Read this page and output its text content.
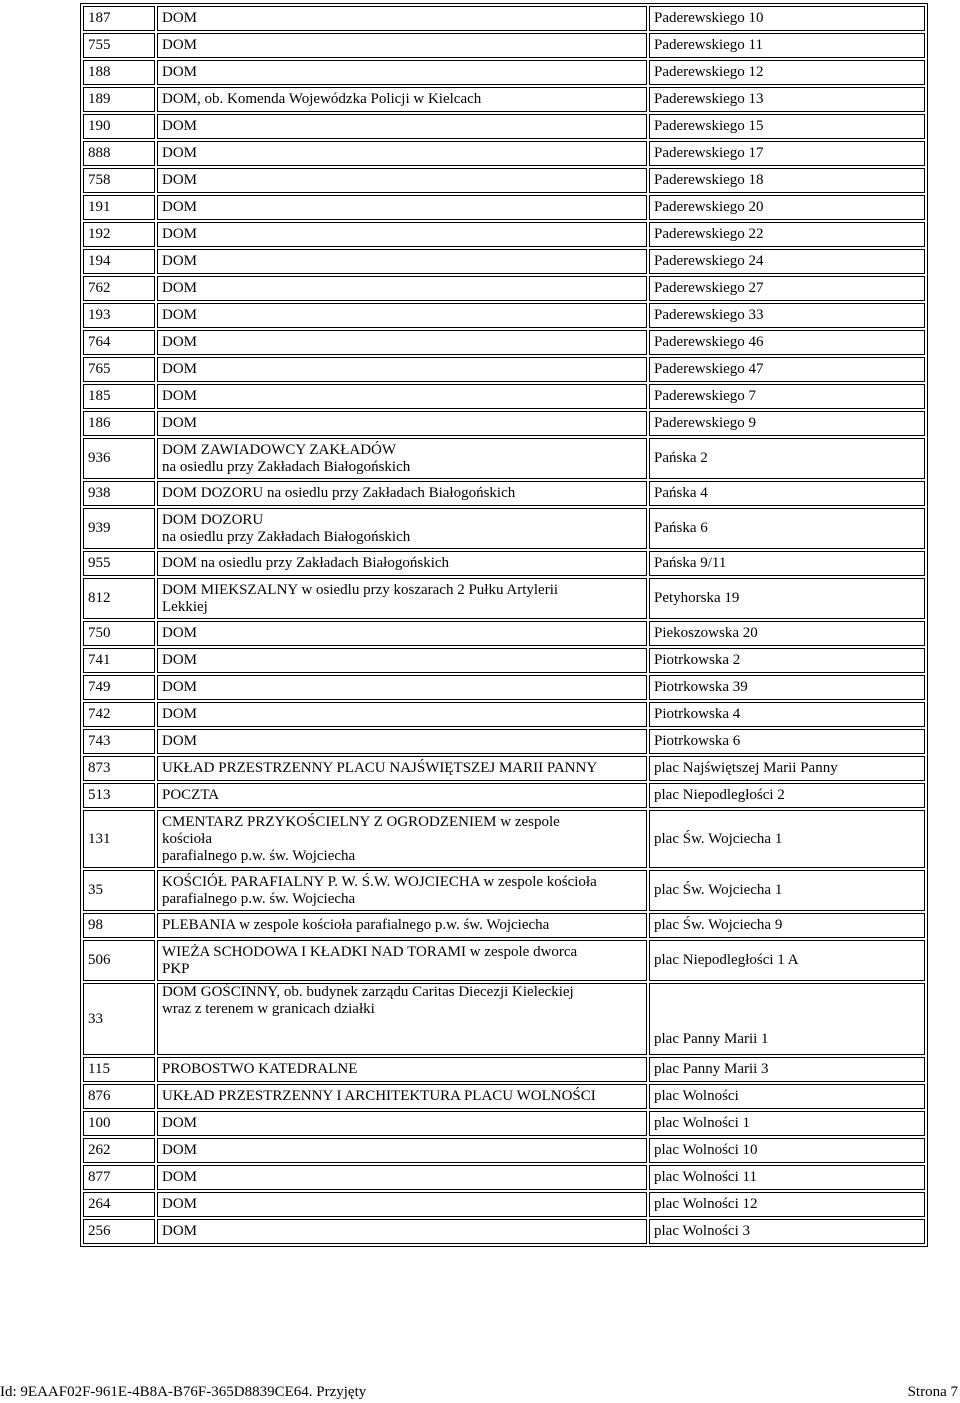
187	DOM	Paderewskiego 10
755	DOM	Paderewskiego 11
188	DOM	Paderewskiego 12
189	DOM, ob. Komenda Wojewódzka Policji w Kielcach	Paderewskiego 13
190	DOM	Paderewskiego 15
888	DOM	Paderewskiego 17
758	DOM	Paderewskiego 18
191	DOM	Paderewskiego 20
192	DOM	Paderewskiego 22
194	DOM	Paderewskiego 24
762	DOM	Paderewskiego 27
193	DOM	Paderewskiego 33
764	DOM	Paderewskiego 46
765	DOM	Paderewskiego 47
185	DOM	Paderewskiego 7
186	DOM	Paderewskiego 9
936	DOM ZAWIADOWCY ZAKŁADÓW
na osiedlu przy Zakładach Białogońskich	Pańska 2
938	DOM DOZORU na osiedlu przy Zakładach Białogońskich	Pańska 4
939	DOM DOZORU
na osiedlu przy Zakładach Białogońskich	Pańska 6
955	DOM na osiedlu przy Zakładach Białogońskich	Pańska 9/11
812	DOM MIEKSZALNY w osiedlu przy koszarach 2 Pułku Artylerii
Lekkiej	Petyhorska 19
750	DOM	Piekoszowska 20
741	DOM	Piotrkowska 2
749	DOM	Piotrkowska 39
742	DOM	Piotrkowska 4
743	DOM	Piotrkowska 6
873	UKŁAD PRZESTRZENNY PLACU NAJŚWIĘTSZEJ MARII PANNY	plac Najświętszej Marii Panny
513	POCZTA	plac Niepodległości 2
131	CMENTARZ PRZYKOŚCIELNY Z OGRODZENIEM w zespole
kościoła
parafialnego p.w. św. Wojciecha	plac Św. Wojciecha 1
35	KOŚCIÓŁ PARAFIALNY P. W. Ś.W. WOJCIECHA w zespole kościoła
parafialnego p.w. św. Wojciecha	plac Św. Wojciecha 1
98	PLEBANIA w zespole kościoła parafialnego p.w. św. Wojciecha	plac Św. Wojciecha 9
506	WIEŻA SCHODOWA I KŁADKI NAD TORAMI w zespole dworca
PKP	plac Niepodległości 1 A
33	DOM GOŚCINNY, ob. budynek zarządu Caritas Diecezji Kieleckiej
wraz z terenem w granicach działki	plac Panny Marii 1
115	PROBOSTWO KATEDRALNE	plac Panny Marii 3
876	UKŁAD PRZESTRZENNY I ARCHITEKTURA PLACU WOLNOŚCI	plac Wolności
100	DOM	plac Wolności 1
262	DOM	plac Wolności 10
877	DOM	plac Wolności 11
264	DOM	plac Wolności 12
256	DOM	plac Wolności 3
Id: 9EAAF02F-961E-4B8A-B76F-365D8839CE64. Przyjęty	Strona 7
